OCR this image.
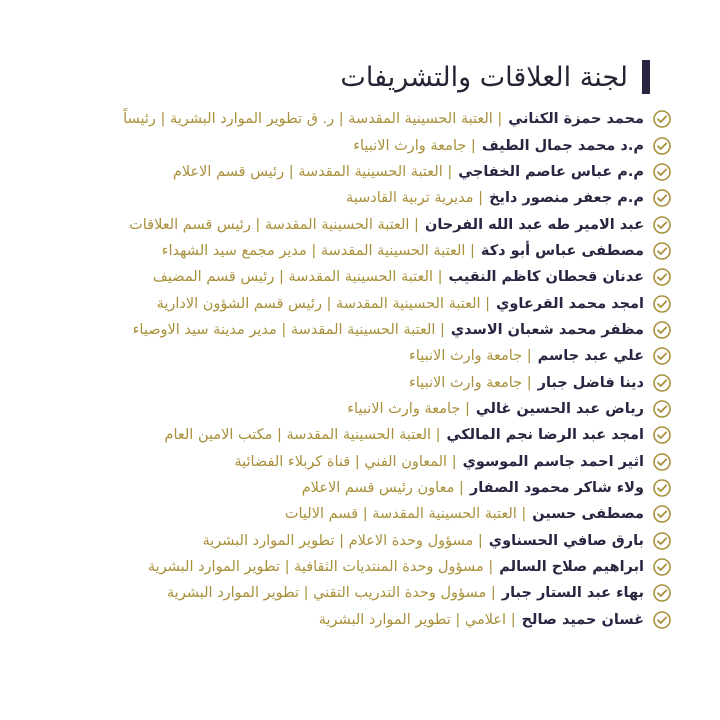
لجنة العلاقات والتشريفات
محمد حمزة الكناني
| العتبة الحسينية المقدسة | ر. ق تطوير الموارد البشرية | رئيساً
م.د محمد جمال الطيف
| جامعة وارث الانبياء
م.م عباس عاصم الخفاجي
| العتبة الحسينية المقدسة | رئيس قسم الاعلام
م.م جعفر منصور دايخ
| مديرية تربية القادسية
عبد الامير طه عبد الله الفرحان
| العتبة الحسينية المقدسة | رئيس قسم العلاقات
مصطفى عباس أبو دكة
| العتبة الحسينية المقدسة | مدير مجمع سيد الشهداء
عدنان قحطان كاظم النقيب
| العتبة الحسينية المقدسة | رئيس قسم المضيف
امجد محمد القرعاوي
| العتبة الحسينية المقدسة | رئيس قسم الشؤون الادارية
مظفر محمد شعبان الاسدي
| العتبة الحسينية المقدسة | مدير مدينة سيد الاوصياء
علي عبد جاسم
| جامعة وارث الانبياء
دينا فاضل جبار
| جامعة وارث الانبياء
رياض عبد الحسين غالي
| جامعة وارث الانبياء
امجد عبد الرضا نجم المالكي
| العتبة الحسينية المقدسة | مكتب الامين العام
اثير احمد جاسم الموسوي
| المعاون الفني | قناة كربلاء الفضائية
ولاء شاكر محمود الصفار
| معاون رئيس قسم الاعلام
مصطفى حسين
| العتبة الحسينية المقدسة | قسم الاليات
بارق صافي الحسناوي
| مسؤول وحدة الاعلام | تطوير الموارد البشرية
ابراهيم صلاح السالم
| مسؤول وحدة المنتديات الثقافية | تطوير الموارد البشرية
بهاء عبد الستار جبار
| مسؤول وحدة التدريب التقني | تطوير الموارد البشرية
غسان حميد صالح
| اعلامي | تطوير الموارد البشرية
